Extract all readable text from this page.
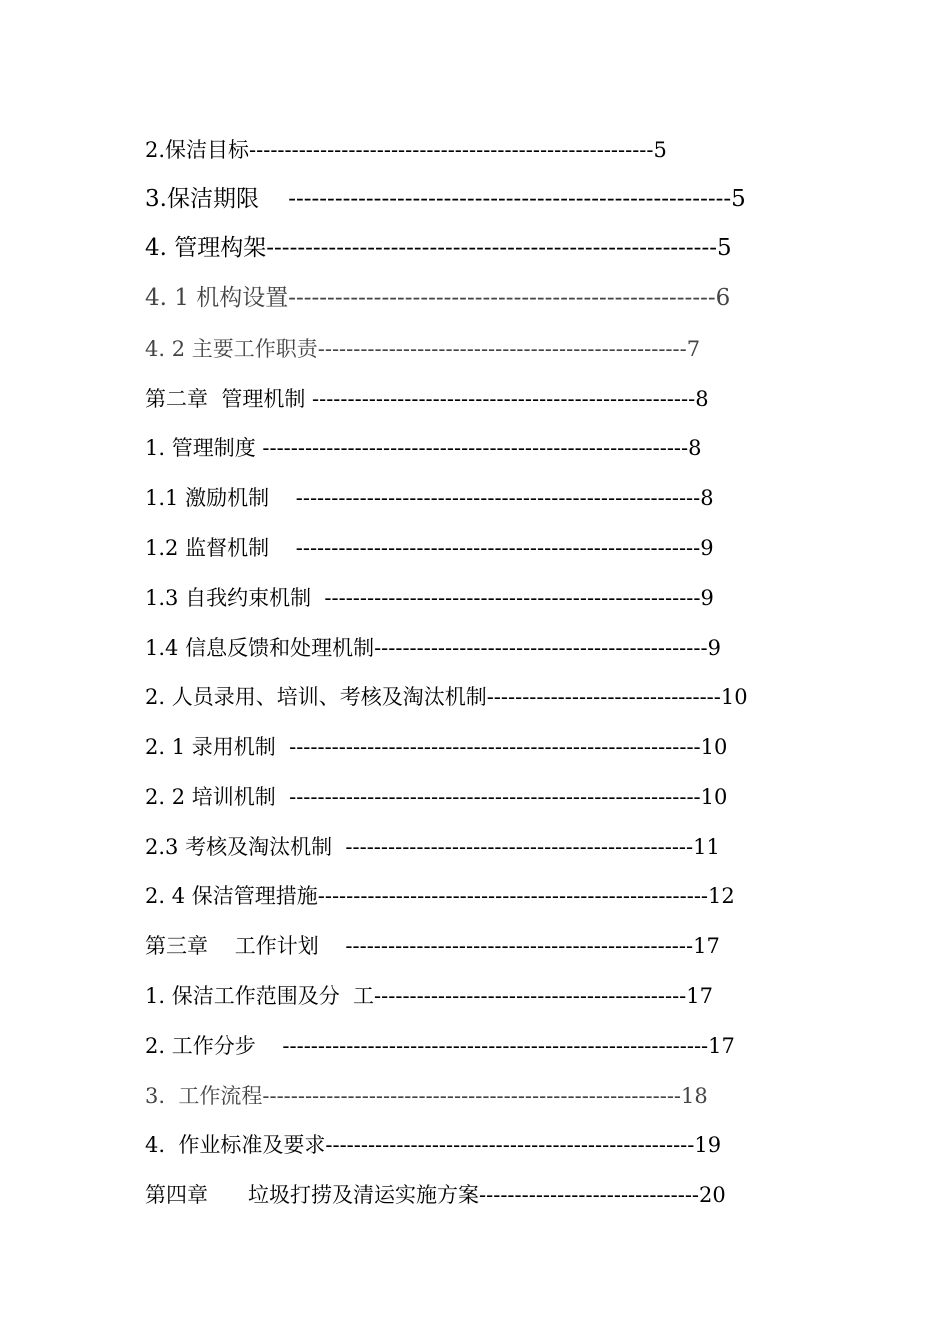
2.保洁目标---------------------------------------------------------5
3.保洁期限    ---------------------------------------------------------5
4. 管理构架----------------------------------------------------------5
4. 1 机构设置-------------------------------------------------------6
4. 2 主要工作职责----------------------------------------------------7
第二章  管理机制 ------------------------------------------------------8
1. 管理制度 ------------------------------------------------------------8
1.1 激励机制    ---------------------------------------------------------8
1.2 监督机制    ---------------------------------------------------------9
1.3 自我约束机制  -----------------------------------------------------9
1.4 信息反馈和处理机制-----------------------------------------------9
2. 人员录用、培训、考核及淘汰机制---------------------------------10
2. 1 录用机制  ----------------------------------------------------------10
2. 2 培训机制  ----------------------------------------------------------10
2.3 考核及淘汰机制  -------------------------------------------------11
2. 4 保洁管理措施-------------------------------------------------------12
第三章    工作计划    -------------------------------------------------17
1. 保洁工作范围及分  工--------------------------------------------17
2. 工作分步    ------------------------------------------------------------17
3.  工作流程-----------------------------------------------------------18
4.  作业标准及要求----------------------------------------------------19
第四章      垃圾打捞及清运实施方案-------------------------------20
